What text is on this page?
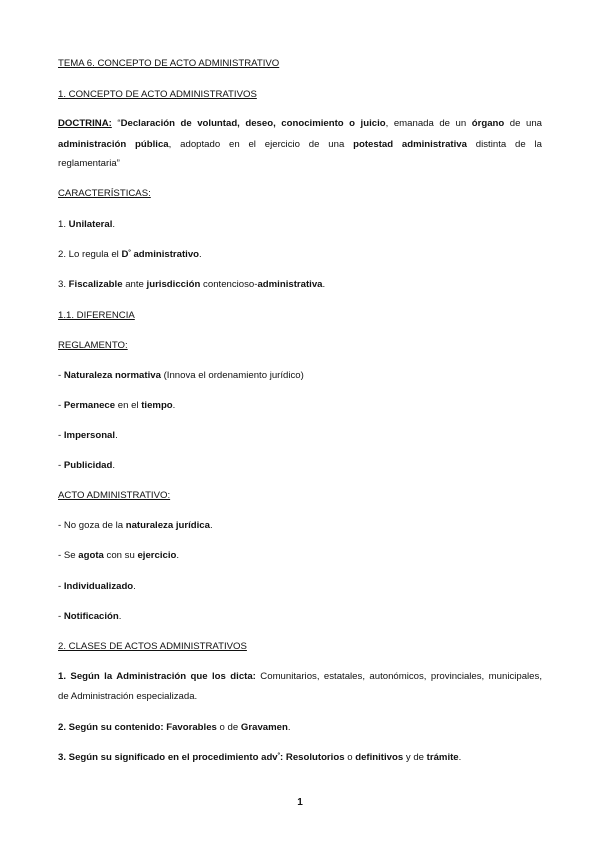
TEMA 6. CONCEPTO DE ACTO ADMINISTRATIVO
1. CONCEPTO DE ACTO ADMINISTRATIVOS
DOCTRINA: “Declaración de voluntad, deseo, conocimiento o juicio, emanada de un órgano de una
administración pública, adoptado en el ejercicio de una potestad administrativa distinta de la
reglamentaria”
CARACTERÍSTICAS:
1. Unilateral.
2. Lo regula el $D^º$ administrativo.
3. Fiscalizable ante jurisdicción contencioso-administrativa.
1.1. DIFERENCIA
REGLAMENTO:
- Naturaleza normativa (Innova el ordenamiento jurídico)
- Permanece en el tiempo.
- Impersonal.
- Publicidad.
ACTO ADMINISTRATIVO:
- No goza de la naturaleza jurídica.
- Se agota con su ejercicio.
- Individualizado.
- Notificación.
2. CLASES DE ACTOS ADMINISTRATIVOS
1. Según la Administración que los dicta: Comunitarios, estatales, autonómicos, provinciales, municipales,
de Administración especializada.
2. Según su contenido: Favorables o de Gravamen.
3. Según su significado en el procedimiento adv$^º$: Resolutorios o definitivos y de trámite.
1
